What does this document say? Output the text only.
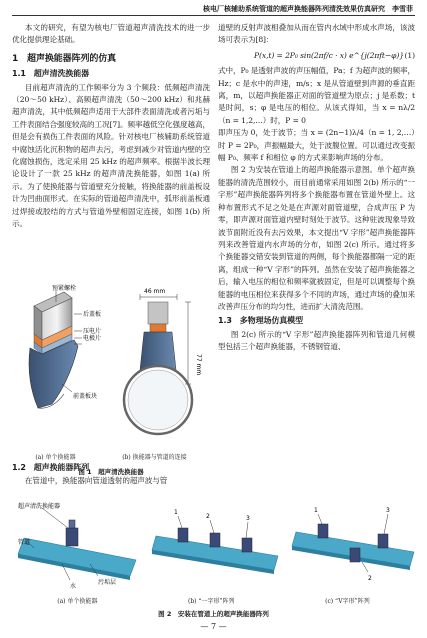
核电厂核辅助系统管道的超声换能器阵列清洗效果仿真研究　 李雪菲

本文的研究，有望为核电厂管道超声清洗技术的进一步优化提供理论基础。

1　超声换能器阵列的仿真
1.1　超声清洗换能器

目前超声清洗的工作频率分为 3 个频段：低频超声清洗（20～50 kHz）、高频超声清洗（50～200 kHz）和兆赫超声清洗，其中低频超声适用于大部件表面清洗或者污垢与工件表面结合强度较高的工况[7]。频率越低空化强度越高，但是会有损伤工件表面的风险。针对核电厂核辅助系统管道中腐蚀活化沉积物的超声去污，考虑到减少对管道内壁的空化腐蚀损伤，选定采用 25 kHz 的超声频率。根据半波长理论设计了一款 25 kHz 的超声清洗换能器，如图 1(a) 所示。为了使换能器与管道壁充分接触，将换能器的前盖板设计为凹曲面形式。在实际的管道超声清洗中，弧形前盖板通过焊接或胶结的方式与管道外壁相固定连接，如图 1(b) 所示。

预紧螺栓
后盖板
压电片
电极片
前盖板块
46 mm
77 mm
(a) 单个换能器	(b) 换能器与管道的连接
图 1　超声清洗换能器
1.2　超声换能器阵列

在管道中，换能器向管道透射的超声波与管

道壁的反射声波相叠加从而在管内水域中形成水声场，该波场可表示为[8]：

P(x,t) = 2P₀ sin(2πf/c · x) e^{j(2πft−φ)} (1)

式中，P₀ 是透射声波的声压幅值，Pa；f 为超声波的频率，Hz；c 是水中的声速，m/s；x 是从管道壁到声源的垂直距离，m，以超声换能器正对面的管道壁为原点；j 是系数；t 是时间，s；φ 是电压的相位。从该式得知，当 x = nλ/2（n = 1,2,…）时，P = 0

即声压为 0，处于波节；当 x = (2n−1)λ/4（n = 1, 2,…）时 P = 2P₀，声振幅最大，处于波腹位置。可以通过改变振幅 P₀、频率 f 和相位 φ 的方式来影响声场的分布。

图 2 为安装在管道上的超声换能器示意图。单个超声换能器的清洗范围较小，而目前通常采用如图 2(b) 所示的“一字形”超声换能器阵列将多个换能器布置在管道外壁上。这种布置形式不足之处是在声源对面管道壁，合成声压 P 为零，即声源对面管道内壁时刻处于波节。这种驻波现象导致波节面附近没有去污效果，本文提出“V 字形”超声换能器阵列来改善管道内水声场的分布，如图 2(c) 所示。通过将多个换能器交错安装到管道的两侧，每个换能器都隔一定的距离，组成一种“V 字形”的阵列。虽然在安装了超声换能器之后，输入电压的相位和频率就被固定，但是可以调整每个换能器的电压相位来获得多个不同的声场，通过声场的叠加来改善声压分布的均匀性，进而扩大清洗范围。

1.3　多物理场仿真模型

图 2(c) 所示的“V 字形”超声换能器阵列和管道几何模型包括三个超声换能器，不锈钢管道、

超声清洗换能器
管道
污垢层
水
1
2	3
1
2
3
(a) 单个换能器	(b) “一字形”阵列	(c) “V字形”阵列
图 2　安装在管道上的超声换能器阵列
— 7 —
